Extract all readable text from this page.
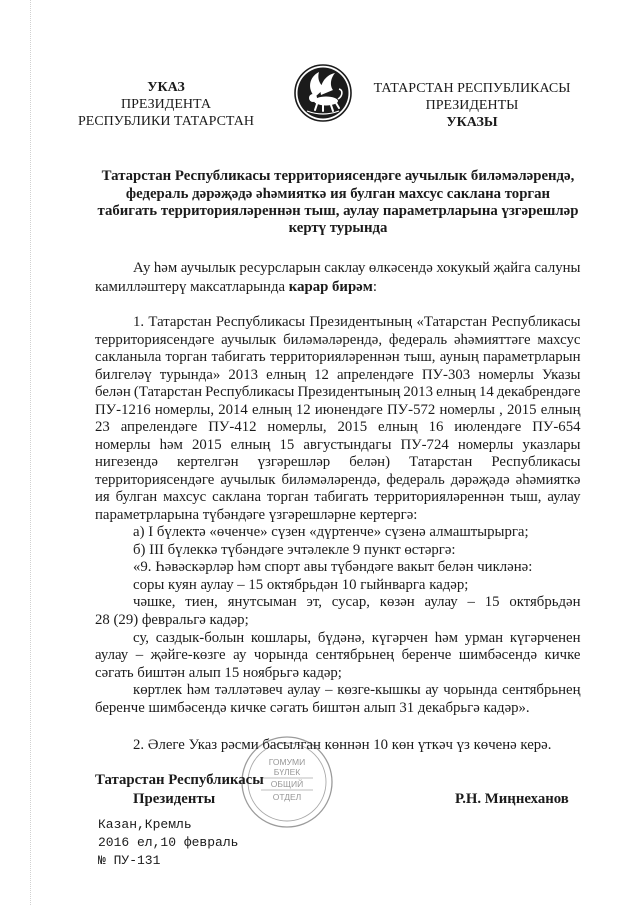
ГОМУМИ
БҮЛЕК
ОБЩИЙ
ОТДЕЛ
УКАЗ
ПРЕЗИДЕНТА
РЕСПУБЛИКИ ТАТАРСТАН
ТАТАРСТАН РЕСПУБЛИКАСЫ
ПРЕЗИДЕНТЫ
УКАЗЫ
Татарстан Республикасы территориясендәге аучылык биләмәләрендә,
федераль дәрәҗәдә әһәмияткә ия булган махсус саклана торган
табигать территорияләреннән тыш, аулау параметрларына үзгәрешләр
кертү турында
Ау һәм аучылык ресурсларын саклау өлкәсендә хокукый җайга салуны
камилләштерү максатларында карар бирәм:
1. Татарстан Республикасы Президентының «Татарстан Республикасы
территориясендәге аучылык биләмәләрендә, федераль әһәмияттәге махсус
сакланыла торган табигать территорияләреннән тыш, ауның параметрларын
билгеләү турында» 2013 елның 12 апрелендәге ПУ-303 номерлы Указы
белән (Татарстан Республикасы Президентының 2013 елның 14 декабрендәге
ПУ-1216 номерлы, 2014 елның 12 июнендәге ПУ-572 номерлы , 2015 елның
23 апрелендәге ПУ-412 номерлы, 2015 елның 16 июлендәге ПУ-654
номерлы һәм 2015 елның 15 августындагы ПУ-724 номерлы указлары
нигезендә кертелгән үзгәрешләр белән) Татарстан Республикасы
территориясендәге аучылык биләмәләрендә, федераль дәрәҗәдә әһәмияткә
ия булган махсус саклана торган табигать территорияләреннән тыш, аулау
параметрларына түбәндәге үзгәрешләрне кертергә:
а) I бүлектә «өченче» сүзен «дүртенче» сүзенә алмаштырырга;
б) III бүлеккә түбәндәге эчтәлекле 9 пункт өстәргә:
«9. Һәвәскәрләр һәм спорт авы түбәндәге вакыт белән чикләнә:
соры куян аулау – 15 октябрьдән 10 гыйнварга кадәр;
чәшке, тиен, янутсыман эт, сусар, көзән аулау – 15 октябрьдән
28 (29) февральгә кадәр;
су, саздык-болын кошлары, бүдәнә, күгәрчен һәм урман күгәрченен
аулау – җәйге-көзге ау чорында сентябрьнең беренче шимбәсендә кичке
сәгать биштән алып 15 ноябрьгә кадәр;
көртлек һәм тәлләтәвеч аулау – көзге-кышкы ау чорында сентябрьнең
беренче шимбәсендә кичке сәгать биштән алып 31 декабрьгә кадәр».
2. Әлеге Указ рәсми басылган көннән 10 көн үткәч үз көченә керә.
Татарстан Республикасы
Президенты	Р.Н. Миңнеханов
Казан,Кремль
2016 ел,10 февраль
№ ПУ-131
